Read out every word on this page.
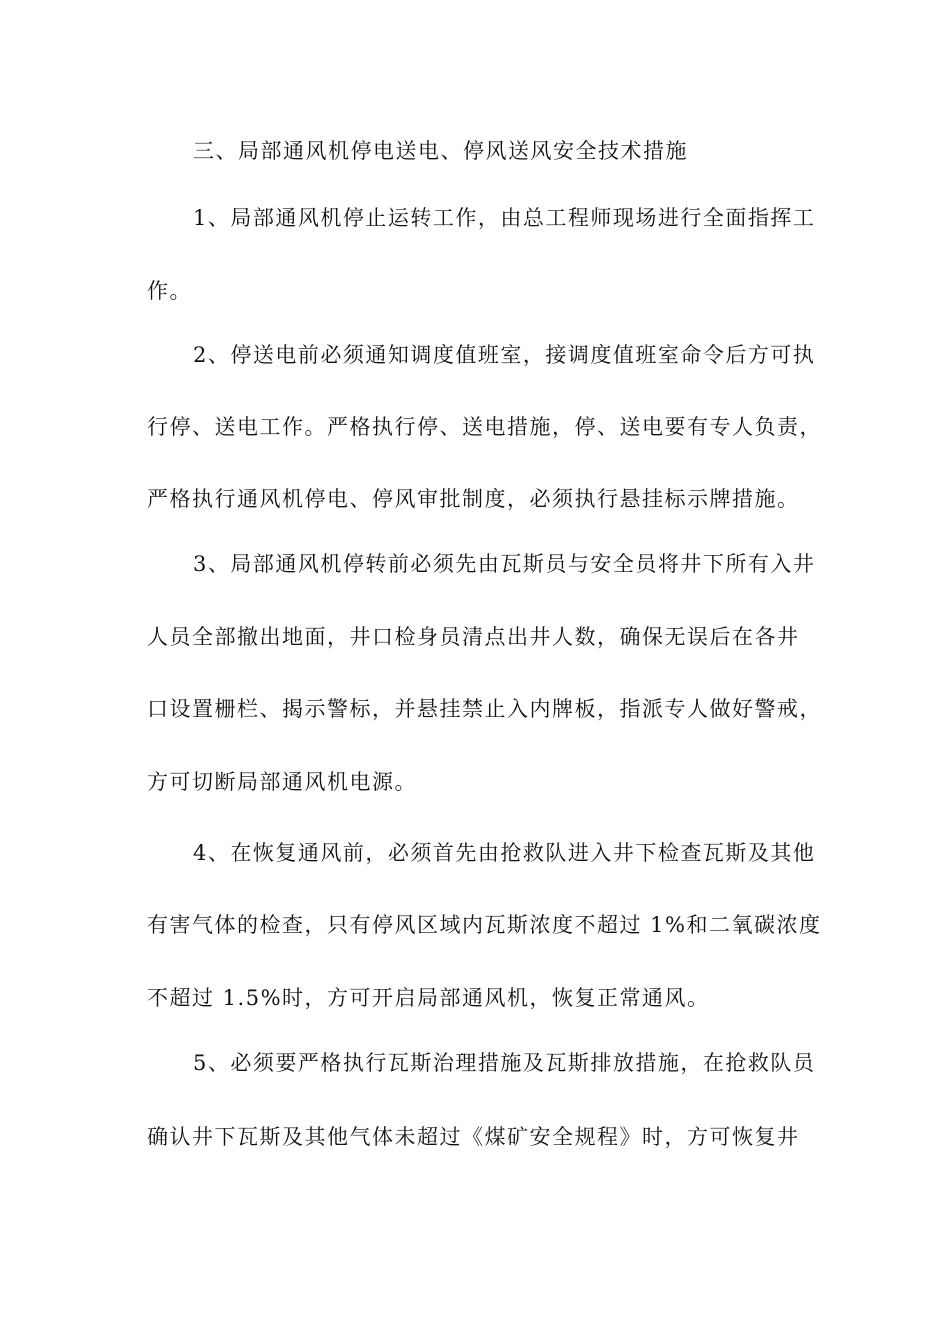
三、局部通风机停电送电、停风送风安全技术措施
1、局部通风机停止运转工作，由总工程师现场进行全面指挥工
作。
2、停送电前必须通知调度值班室，接调度值班室命令后方可执
行停、送电工作。严格执行停、送电措施，停、送电要有专人负责，
严格执行通风机停电、停风审批制度，必须执行悬挂标示牌措施。
3、局部通风机停转前必须先由瓦斯员与安全员将井下所有入井
人员全部撤出地面，井口检身员清点出井人数，确保无误后在各井
口设置栅栏、揭示警标，并悬挂禁止入内牌板，指派专人做好警戒，
方可切断局部通风机电源。
4、在恢复通风前，必须首先由抢救队进入井下检查瓦斯及其他
有害气体的检查，只有停风区域内瓦斯浓度不超过 1%和二氧碳浓度
不超过 1.5%时，方可开启局部通风机，恢复正常通风。
5、必须要严格执行瓦斯治理措施及瓦斯排放措施，在抢救队员
确认井下瓦斯及其他气体未超过《煤矿安全规程》时，方可恢复井
